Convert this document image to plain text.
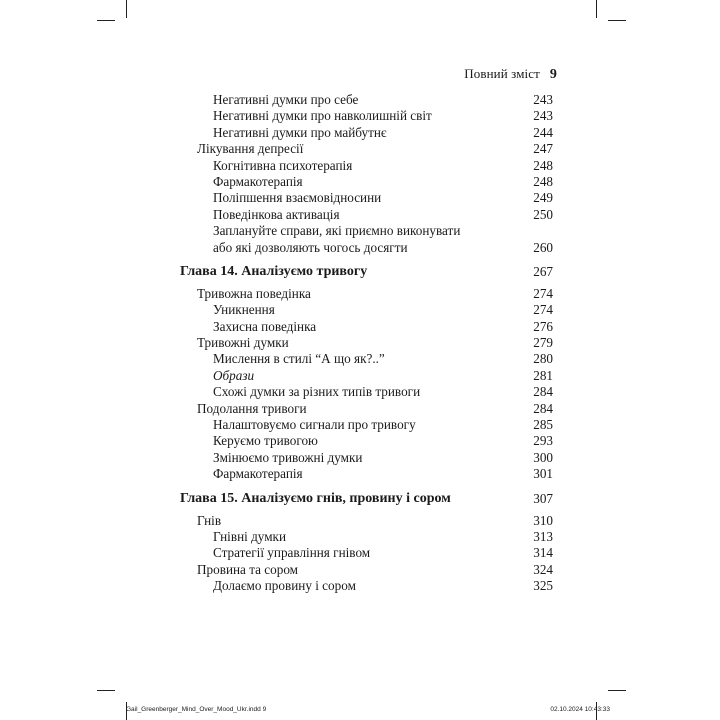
Повний зміст 9
Негативні думки про себе	243
Негативні думки про навколишній світ	243
Негативні думки про майбутнє	244
Лікування депресії	247
Когнітивна психотерапія	248
Фармакотерапія	248
Поліпшення взаємовідносини	249
Поведінкова активація	250
Заплануйте справи, які приємно виконувати
або які дозволяють чогось досягти	260
Глава 14. Аналізуємо тривогу	267
Тривожна поведінка	274
Уникнення	274
Захисна поведінка	276
Тривожні думки	279
Мислення в стилі “А що як?..”	280
Образи	281
Схожі думки за різних типів тривоги	284
Подолання тривоги	284
Налаштовуємо сигнали про тривогу	285
Керуємо тривогою	293
Змінюємо тривожні думки	300
Фармакотерапія	301
Глава 15. Аналізуємо гнів, провину і сором	307
Гнів	310
Гнівні думки	313
Стратегії управління гнівом	314
Провина та сором	324
Долаємо провину і сором	325
Gail_Greenberger_Mind_Over_Mood_Ukr.indd 9	02.10.2024 10:43:33
